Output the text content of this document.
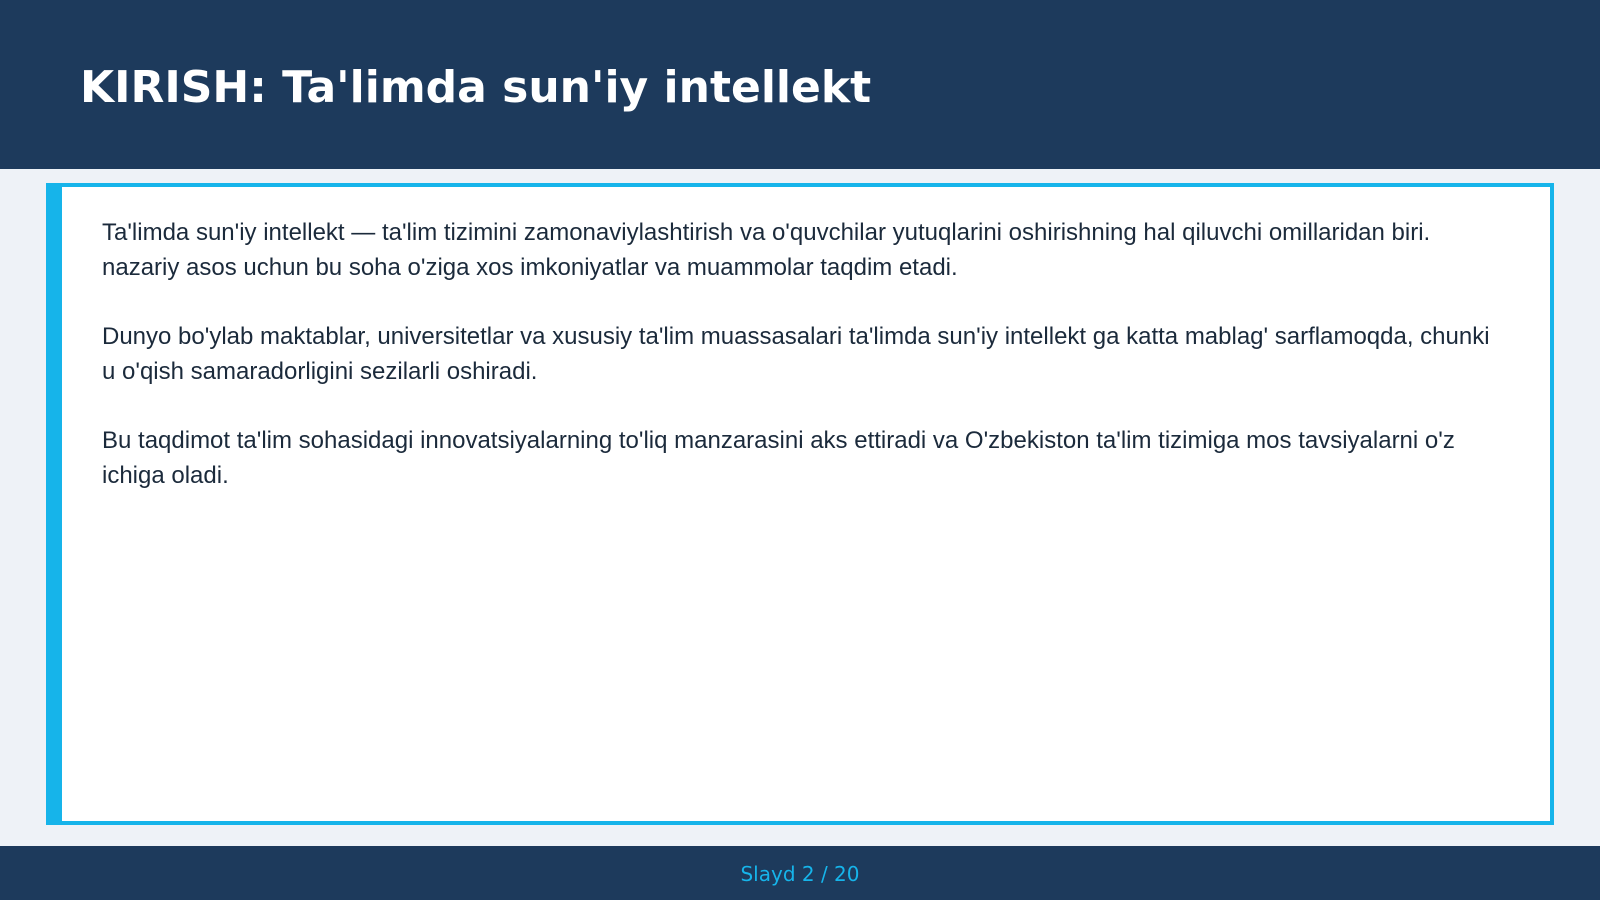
KIRISH: Ta'limda sun'iy intellekt

Ta'limda sun'iy intellekt — ta'lim tizimini zamonaviylashtirish va o'quvchilar yutuqlarini oshirishning hal qiluvchi omillaridan biri. nazariy asos uchun bu soha o'ziga xos imkoniyatlar va muammolar taqdim etadi.

Dunyo bo'ylab maktablar, universitetlar va xususiy ta'lim muassasalari ta'limda sun'iy intellekt ga katta mablag' sarflamoqda, chunki u o'qish samaradorligini sezilarli oshiradi.

Bu taqdimot ta'lim sohasidagi innovatsiyalarning to'liq manzarasini aks ettiradi va O'zbekiston ta'lim tizimiga mos tavsiyalarni o'z ichiga oladi.

Slayd 2 / 20
